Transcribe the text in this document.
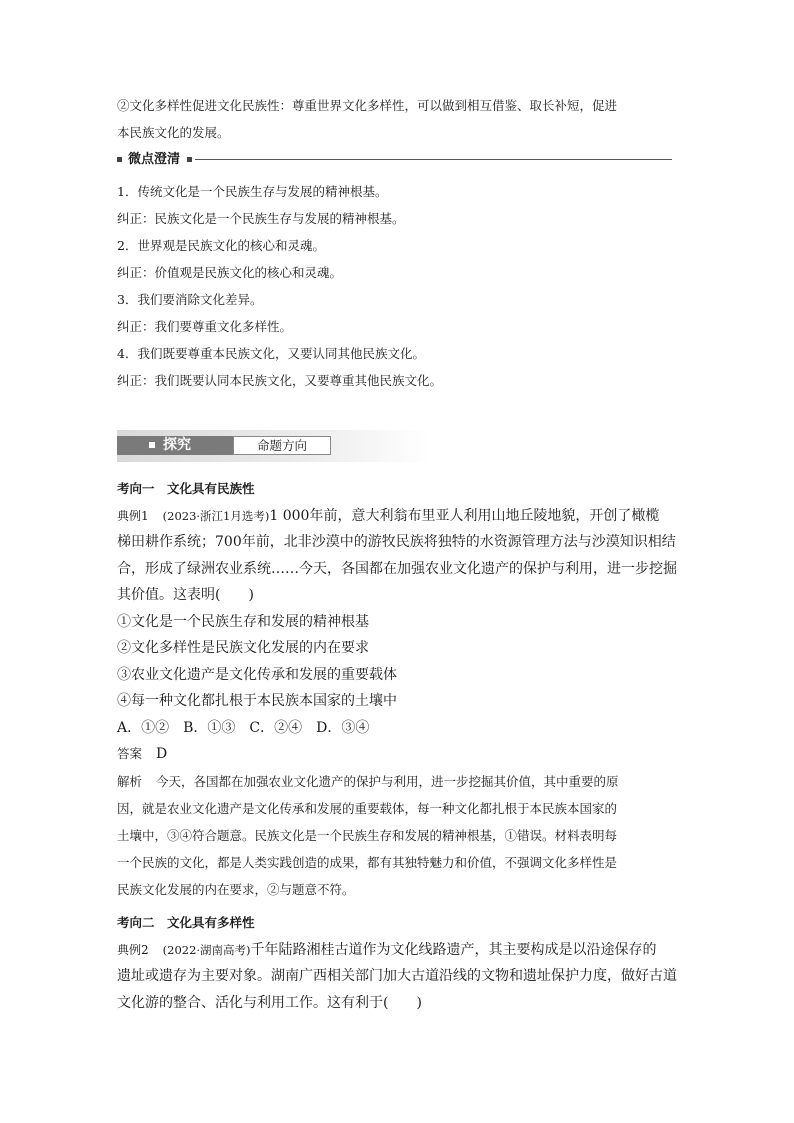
②文化多样性促进文化民族性：尊重世界文化多样性，可以做到相互借鉴、取长补短，促进

本民族文化的发展。

微点澄清

1．传统文化是一个民族生存与发展的精神根基。

纠正：民族文化是一个民族生存与发展的精神根基。

2．世界观是民族文化的核心和灵魂。

纠正：价值观是民族文化的核心和灵魂。

3．我们要消除文化差异。

纠正：我们要尊重文化多样性。

4．我们既要尊重本民族文化，又要认同其他民族文化。

纠正：我们既要认同本民族文化，又要尊重其他民族文化。

探究	命题方向

考向一　文化具有民族性

典例1 (2023·浙江1月选考)1 000年前，意大利翁布里亚人利用山地丘陵地貌，开创了橄榄

梯田耕作系统；700年前，北非沙漠中的游牧民族将独特的水资源管理方法与沙漠知识相结

合，形成了绿洲农业系统……今天，各国都在加强农业文化遗产的保护与利用，进一步挖掘

其价值。这表明(　　)

①文化是一个民族生存和发展的精神根基

②文化多样性是民族文化发展的内在要求

③农业文化遗产是文化传承和发展的重要载体

④每一种文化都扎根于本民族本国家的土壤中

A．①②　B．①③　C．②④　D．③④

答案 D

解析 今天，各国都在加强农业文化遗产的保护与利用，进一步挖掘其价值，其中重要的原

因，就是农业文化遗产是文化传承和发展的重要载体，每一种文化都扎根于本民族本国家的

土壤中，③④符合题意。民族文化是一个民族生存和发展的精神根基，①错误。材料表明每

一个民族的文化，都是人类实践创造的成果，都有其独特魅力和价值，不强调文化多样性是

民族文化发展的内在要求，②与题意不符。

考向二　文化具有多样性

典例2 (2022·湖南高考)千年陆路湘桂古道作为文化线路遗产，其主要构成是以沿途保存的

遗址或遗存为主要对象。湖南广西相关部门加大古道沿线的文物和遗址保护力度，做好古道

文化游的整合、活化与利用工作。这有利于(　　)
